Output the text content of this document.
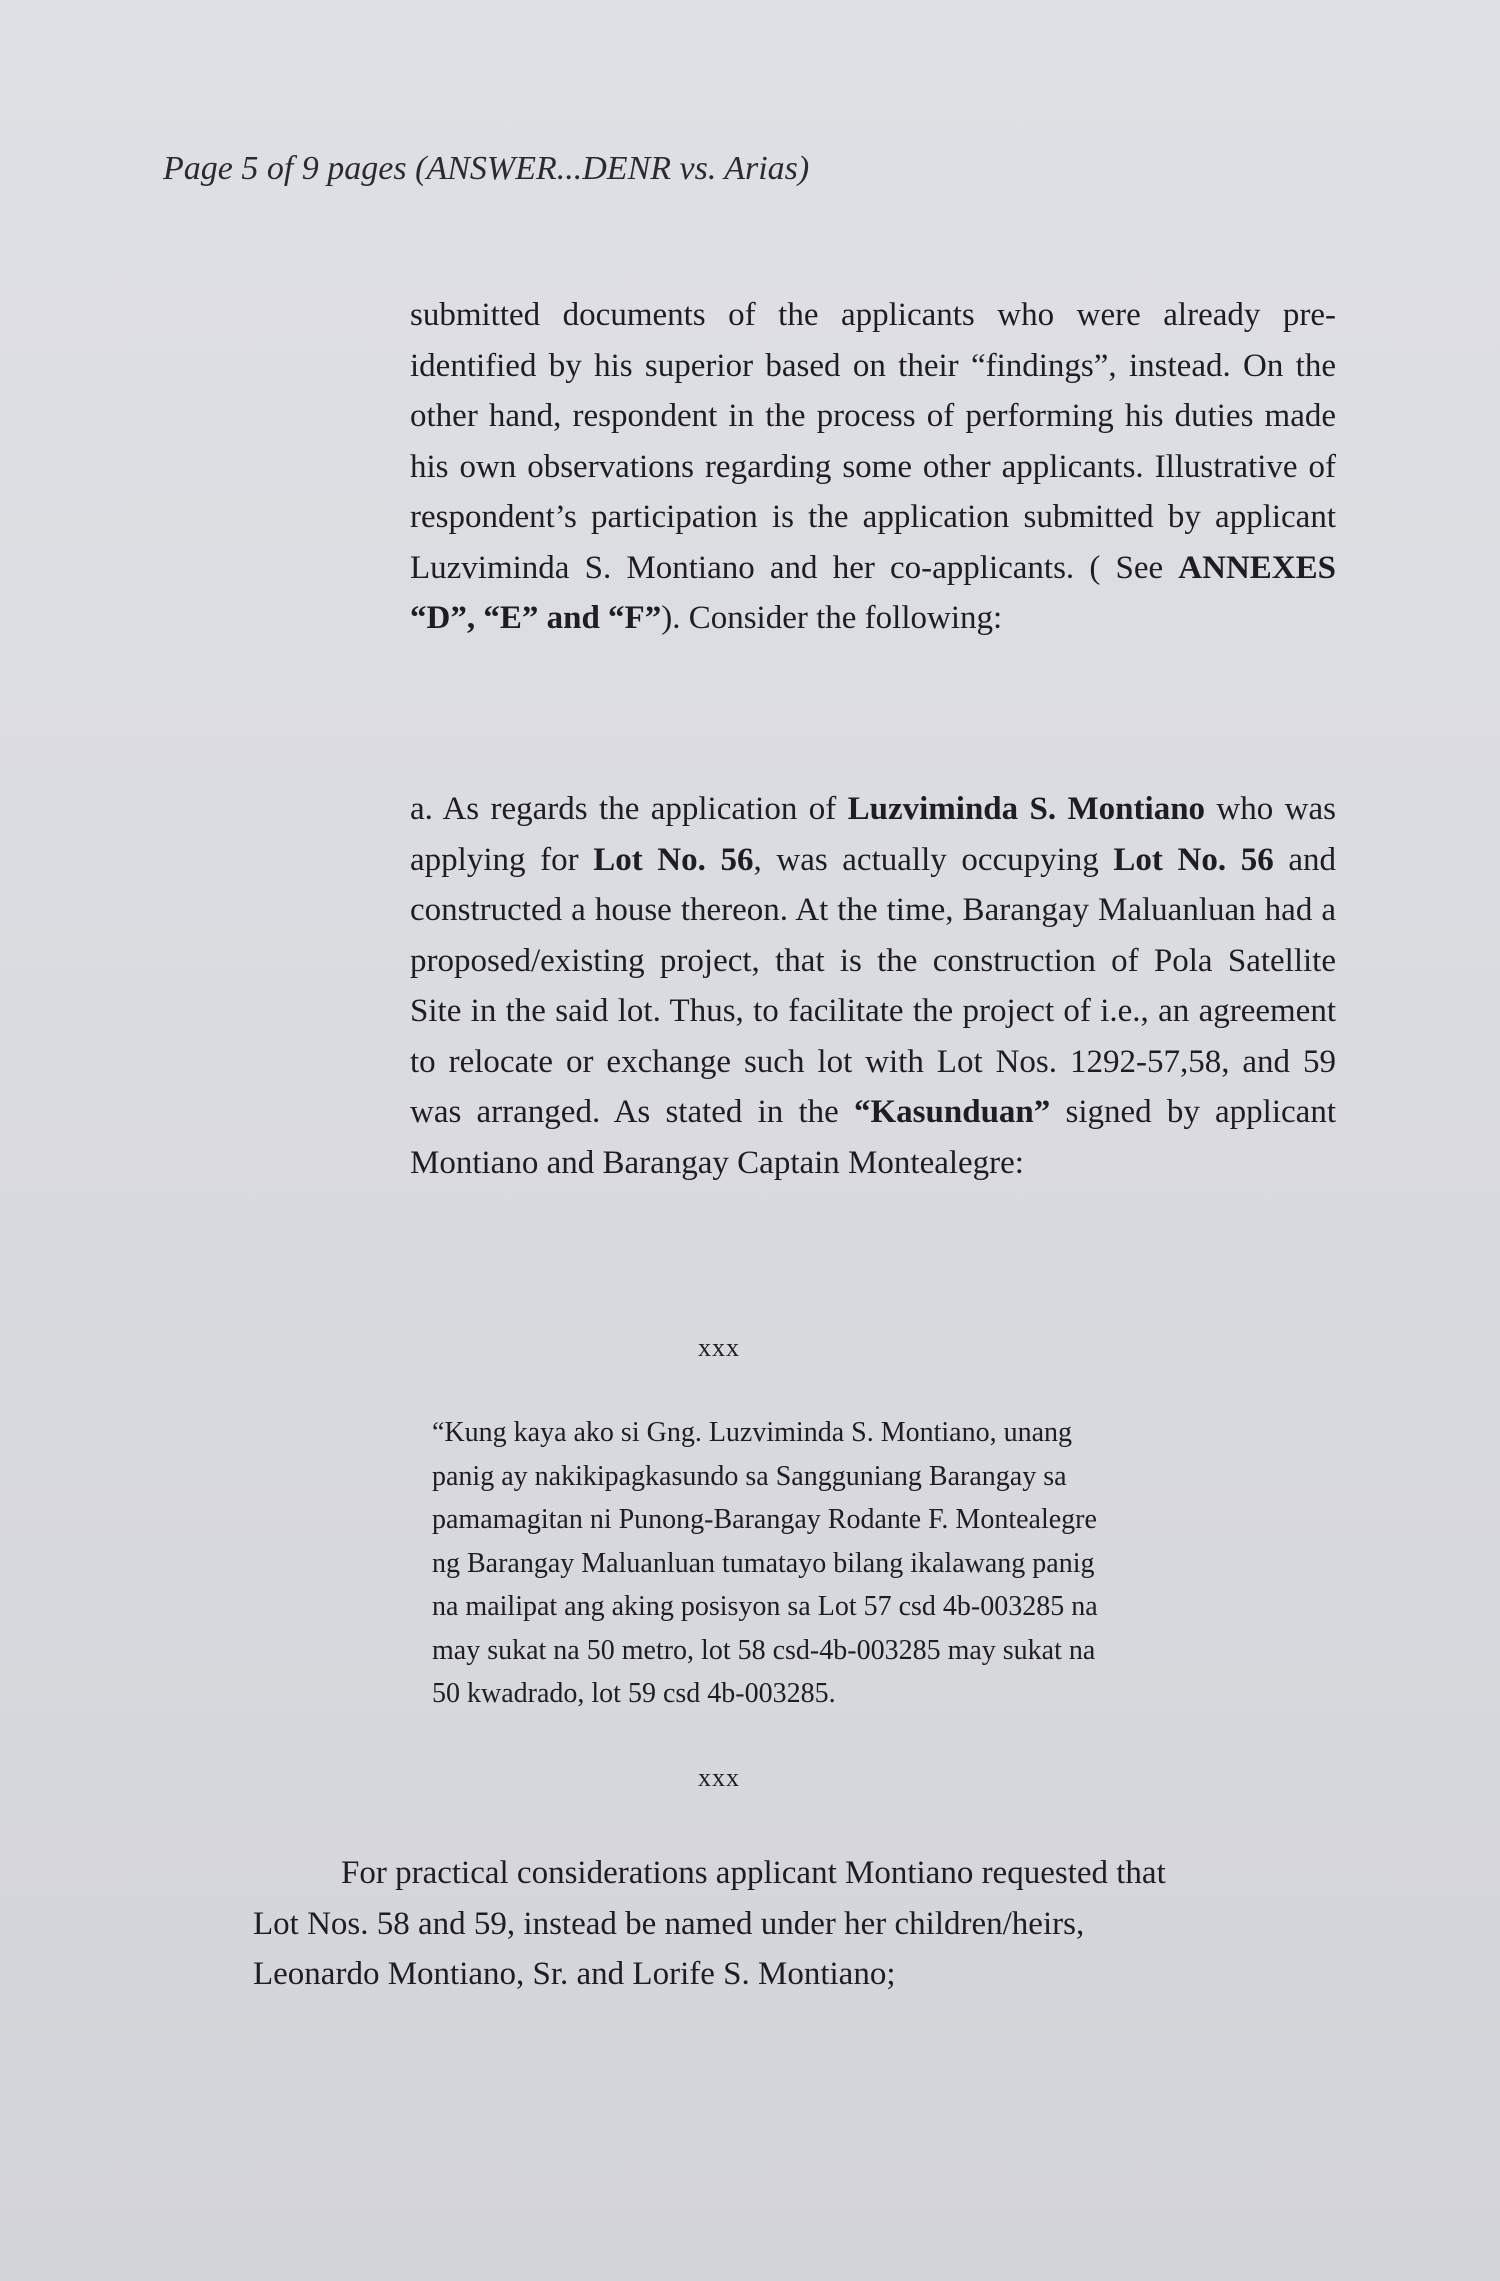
Page 5 of 9 pages (ANSWER...DENR vs. Arias)
submitted documents of the applicants who were already pre-identified by his superior based on their “findings”, instead. On the other hand, respondent in the process of performing his duties made his own observations regarding some other applicants. Illustrative of respondent’s participation is the application submitted by applicant Luzviminda S. Montiano and her co-applicants. ( See ANNEXES “D”, “E” and “F”). Consider the following:
a. As regards the application of Luzviminda S. Montiano who was applying for Lot No. 56, was actually occupying Lot No. 56 and constructed a house thereon. At the time, Barangay Maluanluan had a proposed/existing project, that is the construction of Pola Satellite Site in the said lot. Thus, to facilitate the project of i.e., an agreement to relocate or exchange such lot with Lot Nos. 1292-57,58, and 59 was arranged. As stated in the “Kasunduan” signed by applicant Montiano and Barangay Captain Montealegre:
xxx
“Kung kaya ako si Gng. Luzviminda S. Montiano, unang
panig ay nakikipagkasundo sa Sangguniang Barangay sa
pamamagitan ni Punong-Barangay Rodante F. Montealegre
ng Barangay Maluanluan tumatayo bilang ikalawang panig
na mailipat ang aking posisyon sa Lot 57 csd 4b-003285 na
may sukat na 50 metro, lot 58 csd-4b-003285 may sukat na
50 kwadrado, lot 59 csd 4b-003285.
xxx
For practical considerations applicant Montiano requested that
Lot Nos. 58 and 59, instead be named under her children/heirs,
Leonardo Montiano, Sr. and Lorife S. Montiano;
